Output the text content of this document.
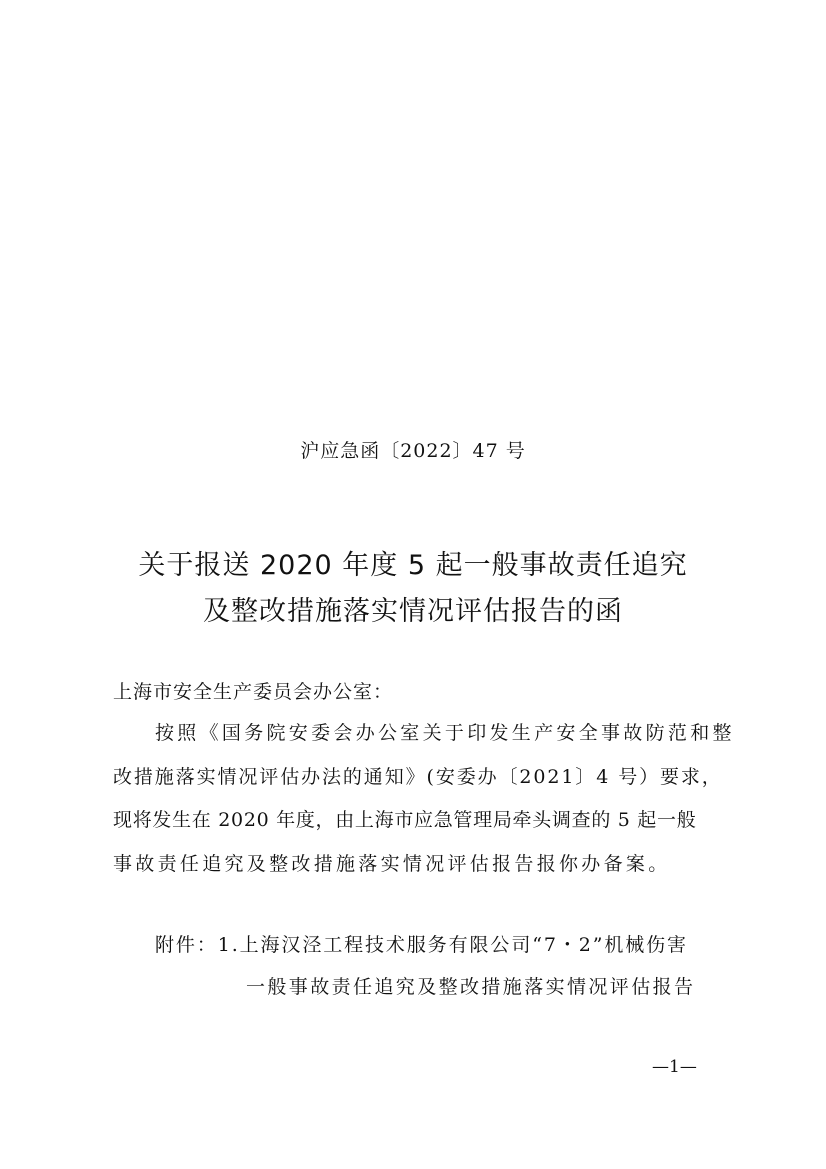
沪应急函〔2022〕47 号
关于报送 2020 年度 5 起一般事故责任追究
及整改措施落实情况评估报告的函
上海市安全生产委员会办公室：
按照《国务院安委会办公室关于印发生产安全事故防范和整
改措施落实情况评估办法的通知》(安委办〔2021〕4 号）要求，
现将发生在 2020 年度，由上海市应急管理局牵头调查的 5 起一般
事故责任追究及整改措施落实情况评估报告报你办备案。
附件：1.上海汉泾工程技术服务有限公司“7・2”机械伤害
一般事故责任追究及整改措施落实情况评估报告
—1—
